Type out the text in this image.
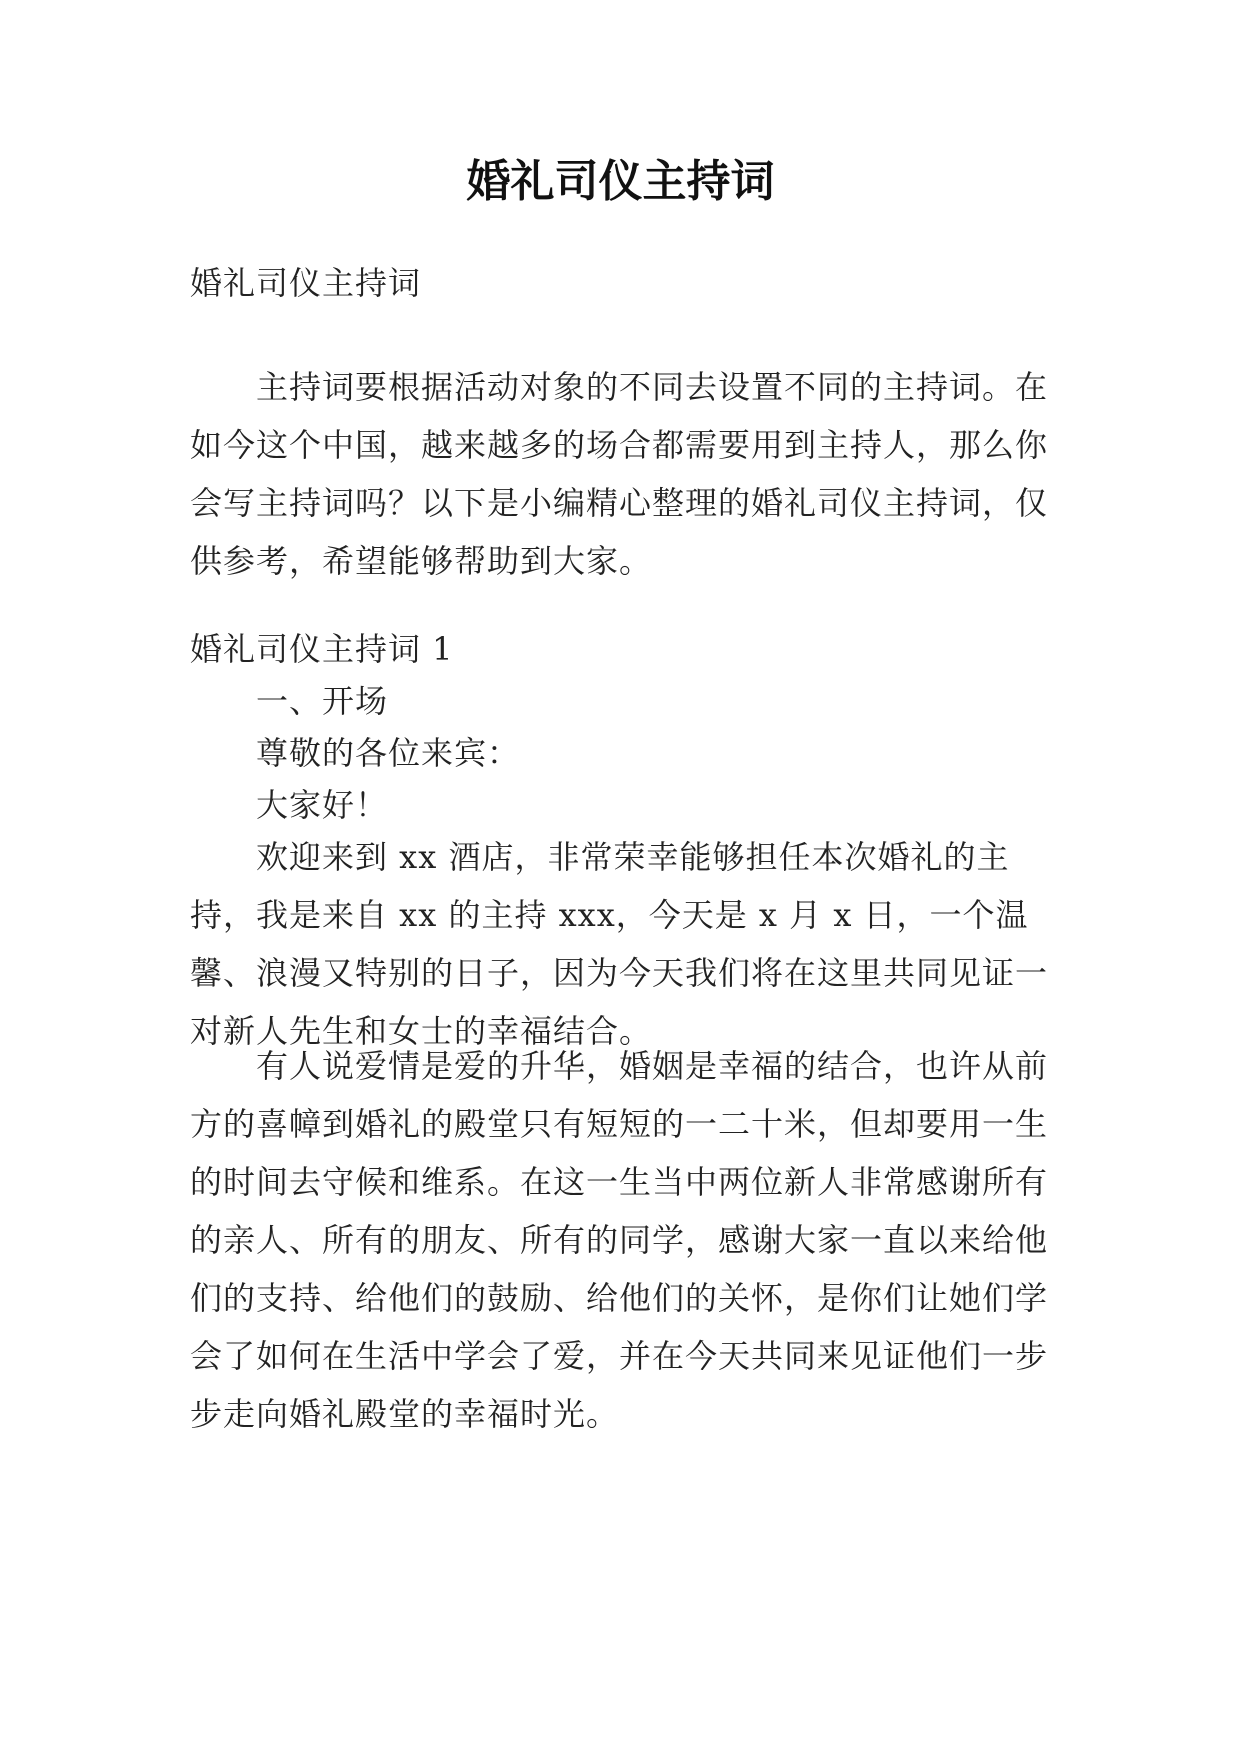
婚礼司仪主持词

婚礼司仪主持词

主持词要根据活动对象的不同去设置不同的主持词。在如今这个中国，越来越多的场合都需要用到主持人，那么你会写主持词吗？以下是小编精心整理的婚礼司仪主持词，仅供参考，希望能够帮助到大家。

婚礼司仪主持词 1

一、开场

尊敬的各位来宾：

大家好！

欢迎来到 xx 酒店，非常荣幸能够担任本次婚礼的主持，我是来自 xx 的主持 xxx，今天是 x 月 x 日，一个温馨、浪漫又特别的日子，因为今天我们将在这里共同见证一对新人先生和女士的幸福结合。

有人说爱情是爱的升华，婚姻是幸福的结合，也许从前方的喜幛到婚礼的殿堂只有短短的一二十米，但却要用一生的时间去守候和维系。在这一生当中两位新人非常感谢所有的亲人、所有的朋友、所有的同学，感谢大家一直以来给他们的支持、给他们的鼓励、给他们的关怀，是你们让她们学会了如何在生活中学会了爱，并在今天共同来见证他们一步步走向婚礼殿堂的幸福时光。
